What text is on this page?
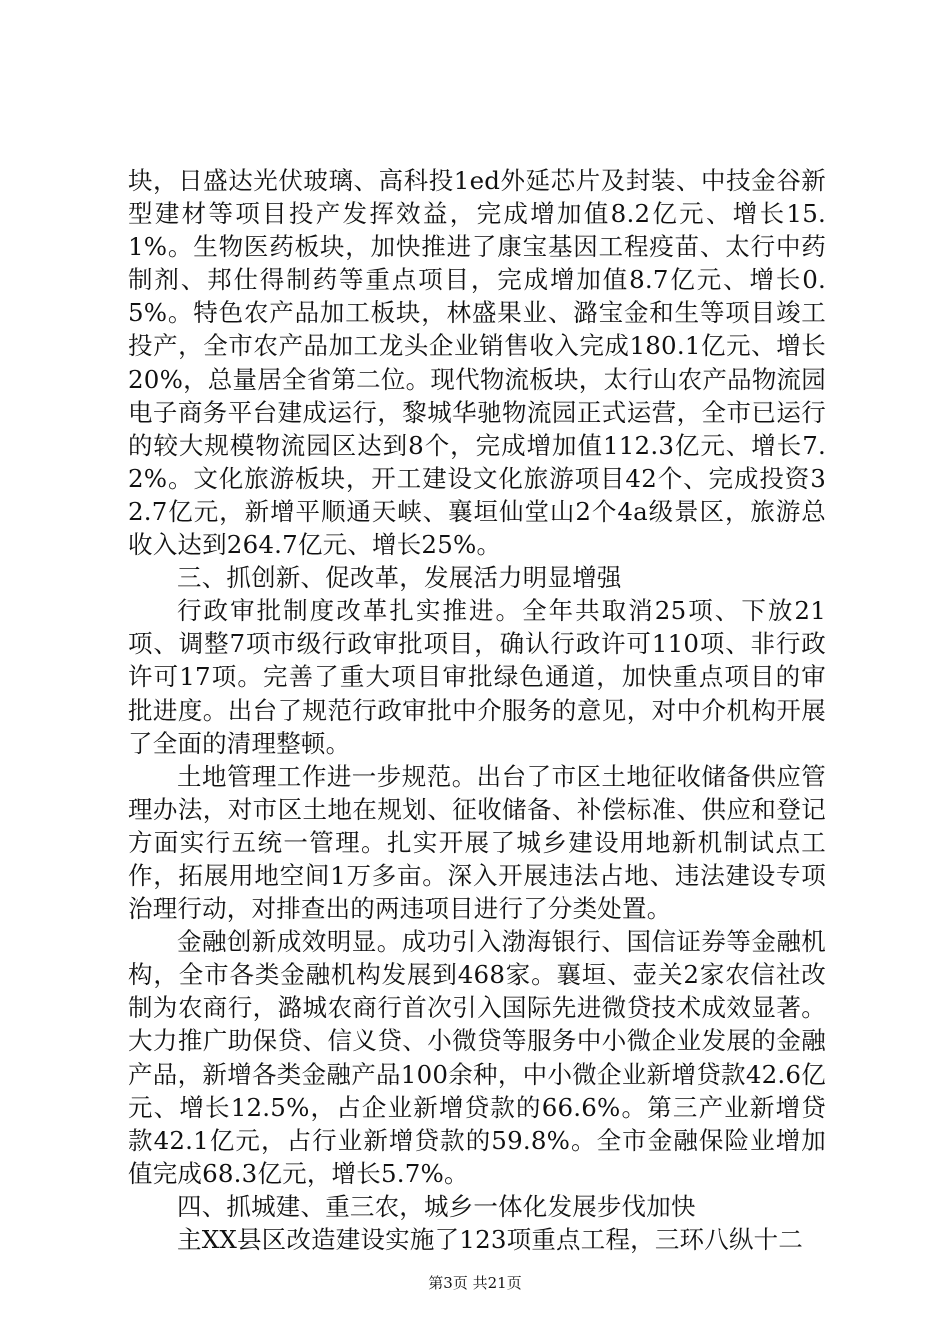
块，日盛达光伏玻璃、高科投1ed外延芯片及封装、中技金谷新型建材等项目投产发挥效益，完成增加值8.2亿元、增长15.1%。生物医药板块，加快推进了康宝基因工程疫苗、太行中药制剂、邦仕得制药等重点项目，完成增加值8.7亿元、增长0.5%。特色农产品加工板块，林盛果业、潞宝金和生等项目竣工投产，全市农产品加工龙头企业销售收入完成180.1亿元、增长20%，总量居全省第二位。现代物流板块，太行山农产品物流园电子商务平台建成运行，黎城华驰物流园正式运营，全市已运行的较大规模物流园区达到8个，完成增加值112.3亿元、增长7.2%。文化旅游板块，开工建设文化旅游项目42个、完成投资32.7亿元，新增平顺通天峡、襄垣仙堂山2个4a级景区，旅游总收入达到264.7亿元、增长25%。

三、抓创新、促改革，发展活力明显增强

行政审批制度改革扎实推进。全年共取消25项、下放21项、调整7项市级行政审批项目，确认行政许可110项、非行政许可17项。完善了重大项目审批绿色通道，加快重点项目的审批进度。出台了规范行政审批中介服务的意见，对中介机构开展了全面的清理整顿。

土地管理工作进一步规范。出台了市区土地征收储备供应管理办法，对市区土地在规划、征收储备、补偿标准、供应和登记方面实行五统一管理。扎实开展了城乡建设用地新机制试点工作，拓展用地空间1万多亩。深入开展违法占地、违法建设专项治理行动，对排查出的两违项目进行了分类处置。

金融创新成效明显。成功引入渤海银行、国信证券等金融机构，全市各类金融机构发展到468家。襄垣、壶关2家农信社改制为农商行，潞城农商行首次引入国际先进微贷技术成效显著。大力推广助保贷、信义贷、小微贷等服务中小微企业发展的金融产品，新增各类金融产品100余种，中小微企业新增贷款42.6亿元、增长12.5%，占企业新增贷款的66.6%。第三产业新增贷款42.1亿元，占行业新增贷款的59.8%。全市金融保险业增加值完成68.3亿元，增长5.7%。

四、抓城建、重三农，城乡一体化发展步伐加快

主XX县区改造建设实施了123项重点工程，三环八纵十二

第3页 共21页
